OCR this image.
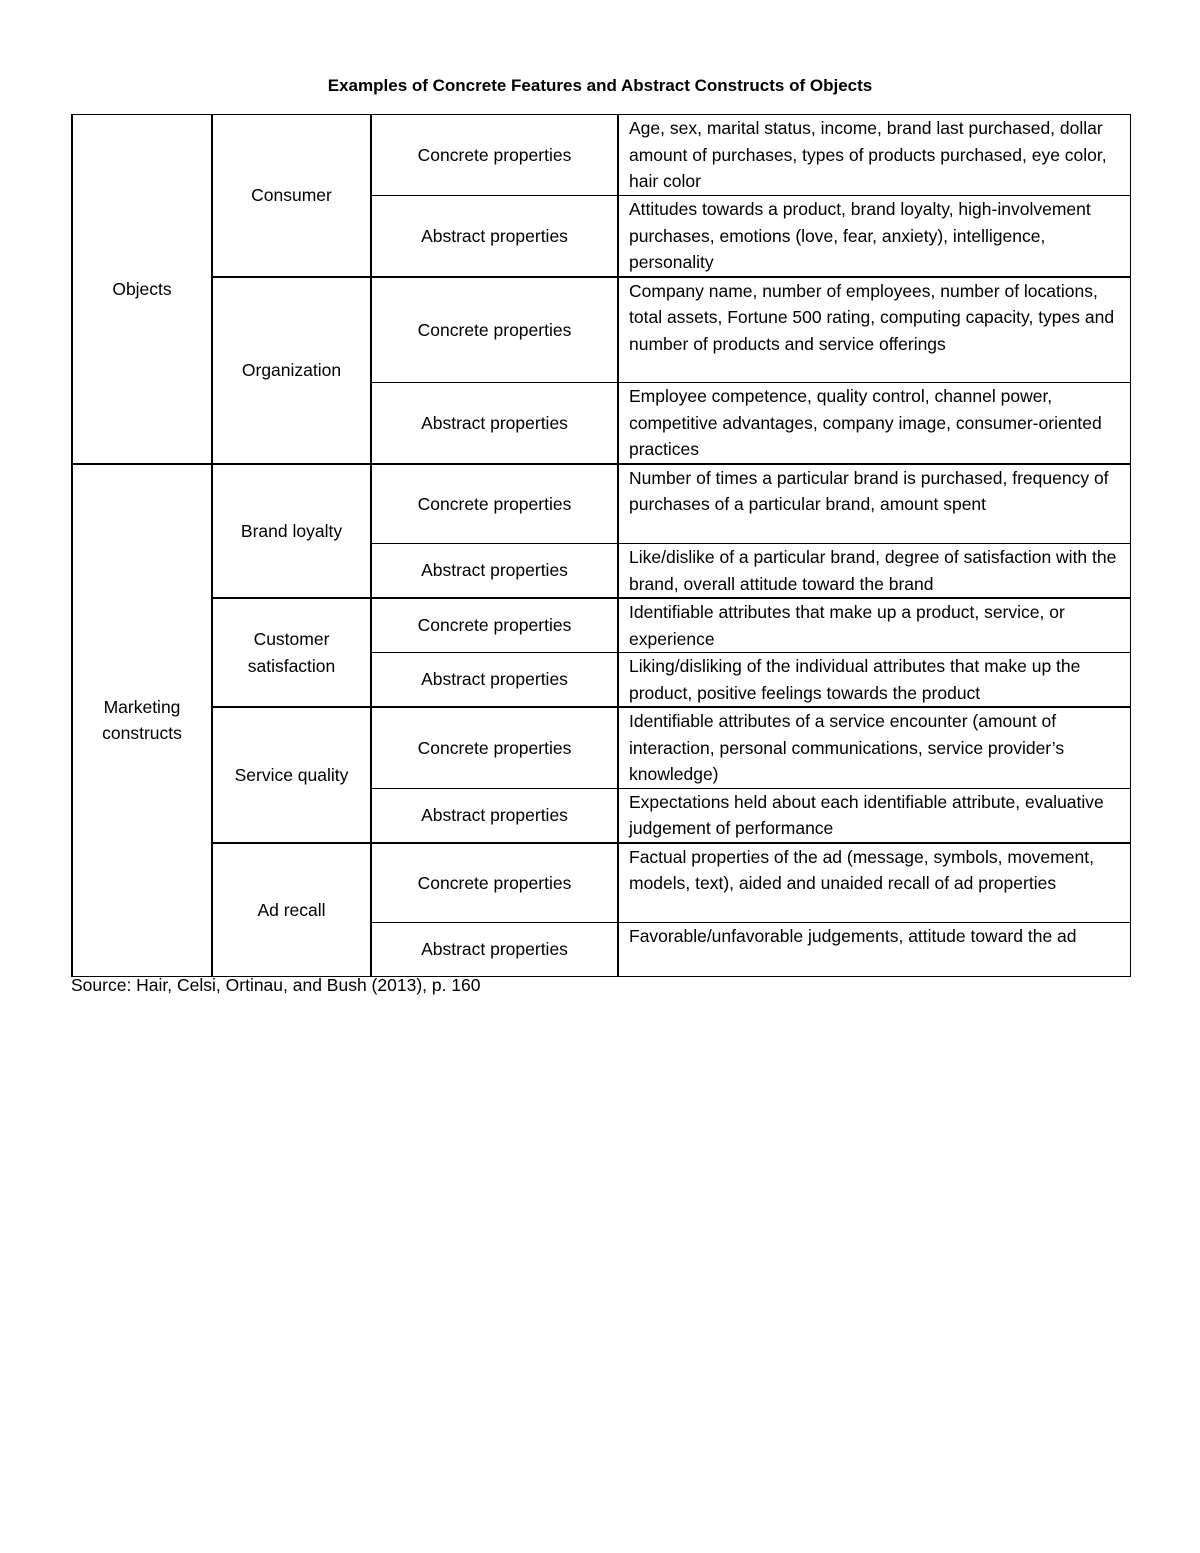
Examples of Concrete Features and Abstract Constructs of Objects
Objects	Consumer	Concrete properties	Age, sex, marital status, income, brand last purchased, dollar amount of purchases, types of products purchased, eye color, hair color
		Abstract properties	Attitudes towards a product, brand loyalty, high-involvement purchases, emotions (love, fear, anxiety), intelligence, personality
	Organization	Concrete properties	Company name, number of employees, number of locations, total assets, Fortune 500 rating, computing capacity, types and number of products and service offerings
		Abstract properties	Employee competence, quality control, channel power, competitive advantages, company image, consumer-oriented practices
Marketing constructs	Brand loyalty	Concrete properties	Number of times a particular brand is purchased, frequency of purchases of a particular brand, amount spent
		Abstract properties	Like/dislike of a particular brand, degree of satisfaction with the brand, overall attitude toward the brand
	Customer satisfaction	Concrete properties	Identifiable attributes that make up a product, service, or experience
		Abstract properties	Liking/disliking of the individual attributes that make up the product, positive feelings towards the product
	Service quality	Concrete properties	Identifiable attributes of a service encounter (amount of interaction, personal communications, service provider’s knowledge)
		Abstract properties	Expectations held about each identifiable attribute, evaluative judgement of performance
	Ad recall	Concrete properties	Factual properties of the ad (message, symbols, movement, models, text), aided and unaided recall of ad properties
		Abstract properties	Favorable/unfavorable judgements, attitude toward the ad
Source: Hair, Celsi, Ortinau, and Bush (2013), p. 160
